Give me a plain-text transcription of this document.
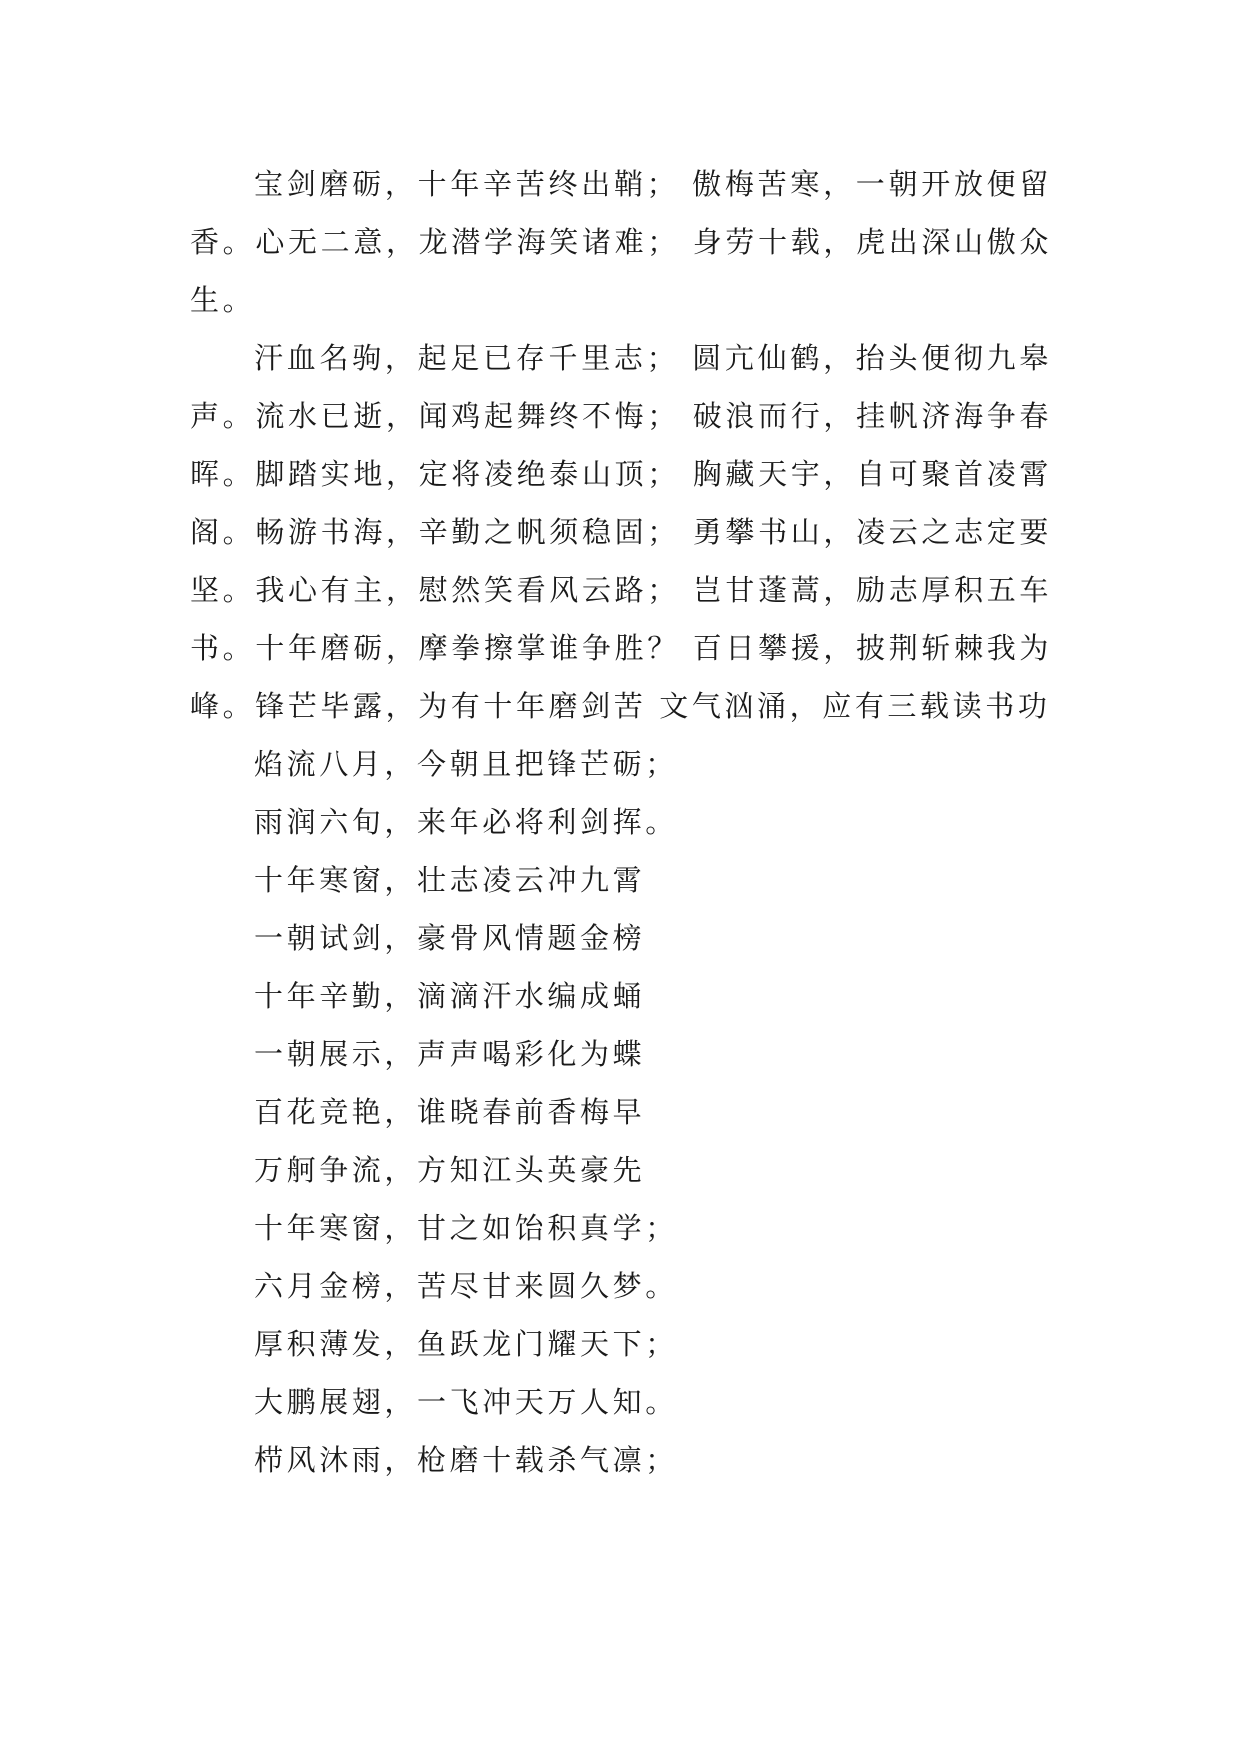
宝剑磨砺，十年辛苦终出鞘； 傲梅苦寒，一朝开放便留香。心无二意，龙潜学海笑诸难； 身劳十载，虎出深山傲众生。

汗血名驹，起足已存千里志； 圆亢仙鹤，抬头便彻九皋声。流水已逝，闻鸡起舞终不悔； 破浪而行，挂帆济海争春晖。脚踏实地，定将凌绝泰山顶； 胸藏天宇，自可聚首凌霄阁。畅游书海，辛勤之帆须稳固； 勇攀书山，凌云之志定要坚。我心有主，慰然笑看风云路； 岂甘蓬蒿，励志厚积五车书。十年磨砺，摩拳擦掌谁争胜？ 百日攀援，披荆斩棘我为峰。锋芒毕露，为有十年磨剑苦 文气汹涌，应有三载读书功

焰流八月，今朝且把锋芒砺；

雨润六旬，来年必将利剑挥。

十年寒窗，壮志凌云冲九霄

一朝试剑，豪骨风情题金榜

十年辛勤，滴滴汗水编成蛹

一朝展示，声声喝彩化为蝶

百花竞艳，谁晓春前香梅早

万舸争流，方知江头英豪先

十年寒窗，甘之如饴积真学；

六月金榜，苦尽甘来圆久梦。

厚积薄发，鱼跃龙门耀天下；

大鹏展翅，一飞冲天万人知。

栉风沐雨，枪磨十载杀气凛；
